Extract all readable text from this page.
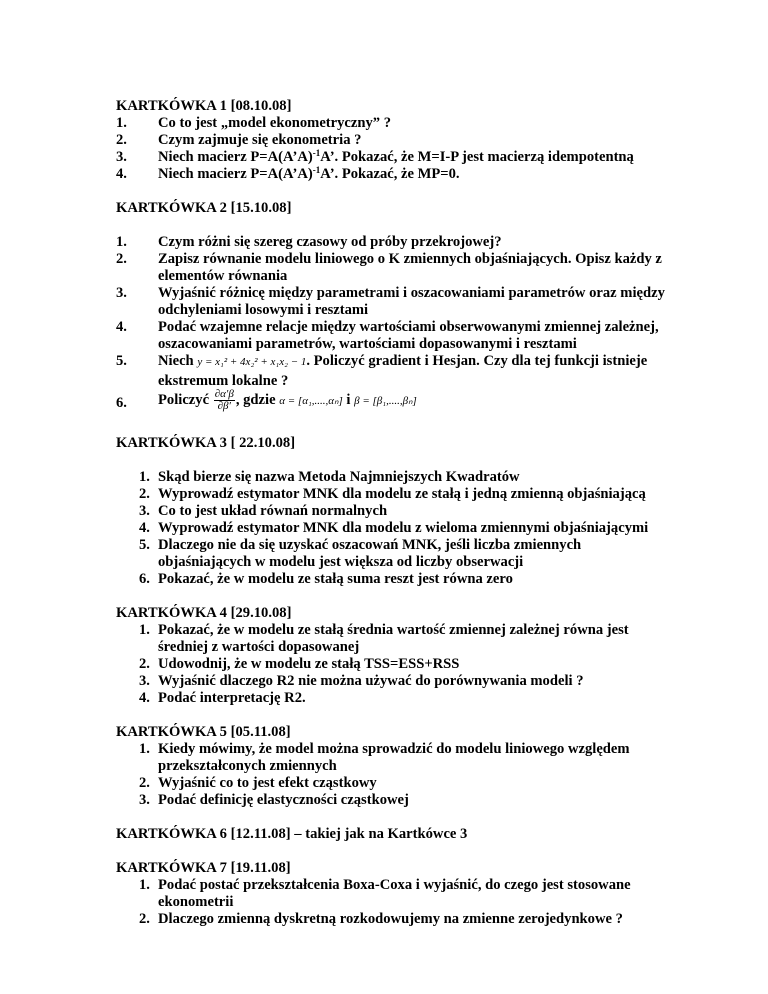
KARTKÓWKA 1 [08.10.08]
1. Co to jest „model ekonometryczny” ?
2. Czym zajmuje się ekonometria ?
3. Niech macierz P=A(A’A)$^{-1}$A’. Pokazać, że M=I-P jest macierzą idempotentną
4. Niech macierz P=A(A’A)$^{-1}$A’. Pokazać, że MP=0.
KARTKÓWKA 2 [15.10.08]
1. Czym różni się szereg czasowy od próby przekrojowej?
2. Zapisz równanie modelu liniowego o K zmiennych objaśniających. Opisz każdy z
elementów równania
3. Wyjaśnić różnicę między parametrami i oszacowaniami parametrów oraz między
odchyleniami losowymi i resztami
4. Podać wzajemne relacje między wartościami obserwowanymi zmiennej zależnej,
oszacowaniami parametrów, wartościami dopasowanymi i resztami
5. Niech y = x₁² + 4x₂² + x₁x₂ − 1. Policzyć gradient i Hesjan. Czy dla tej funkcji istnieje
ekstremum lokalne ?
6. Policzyć $\frac{\partial\alpha'\beta}{\partial\beta'}$ , gdzie α = [α₁,....,αₙ] i β = [β₁,....,βₙ]
KARTKÓWKA 3 [ 22.10.08]
1. Skąd bierze się nazwa Metoda Najmniejszych Kwadratów
2. Wyprowadź estymator MNK dla modelu ze stałą i jedną zmienną objaśniającą
3. Co to jest układ równań normalnych
4. Wyprowadź estymator MNK dla modelu z wieloma zmiennymi objaśniającymi
5. Dlaczego nie da się uzyskać oszacowań MNK, jeśli liczba zmiennych
objaśniających w modelu jest większa od liczby obserwacji
6. Pokazać, że w modelu ze stałą suma reszt jest równa zero
KARTKÓWKA 4 [29.10.08]
1. Pokazać, że w modelu ze stałą średnia wartość zmiennej zależnej równa jest
średniej z wartości dopasowanej
2. Udowodnij, że w modelu ze stałą TSS=ESS+RSS
3. Wyjaśnić dlaczego R2 nie można używać do porównywania modeli ?
4. Podać interpretację R2.
KARTKÓWKA 5 [05.11.08]
1. Kiedy mówimy, że model można sprowadzić do modelu liniowego względem
przekształconych zmiennych
2. Wyjaśnić co to jest efekt cząstkowy
3. Podać definicję elastyczności cząstkowej
KARTKÓWKA 6 [12.11.08] – takiej jak na Kartkówce 3
KARTKÓWKA 7 [19.11.08]
1. Podać postać przekształcenia Boxa-Coxa i wyjaśnić, do czego jest stosowane
ekonometrii
2. Dlaczego zmienną dyskretną rozkodowujemy na zmienne zerojedynkowe ?
